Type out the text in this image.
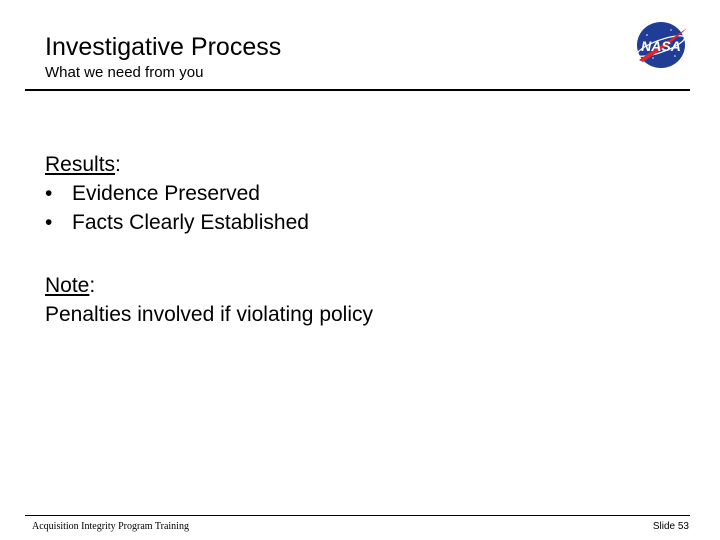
Investigative Process
What we need from you
NASA
Results:
• Evidence Preserved
• Facts Clearly Established
Note:
Penalties involved if violating policy
Acquisition Integrity Program Training	Slide 53
